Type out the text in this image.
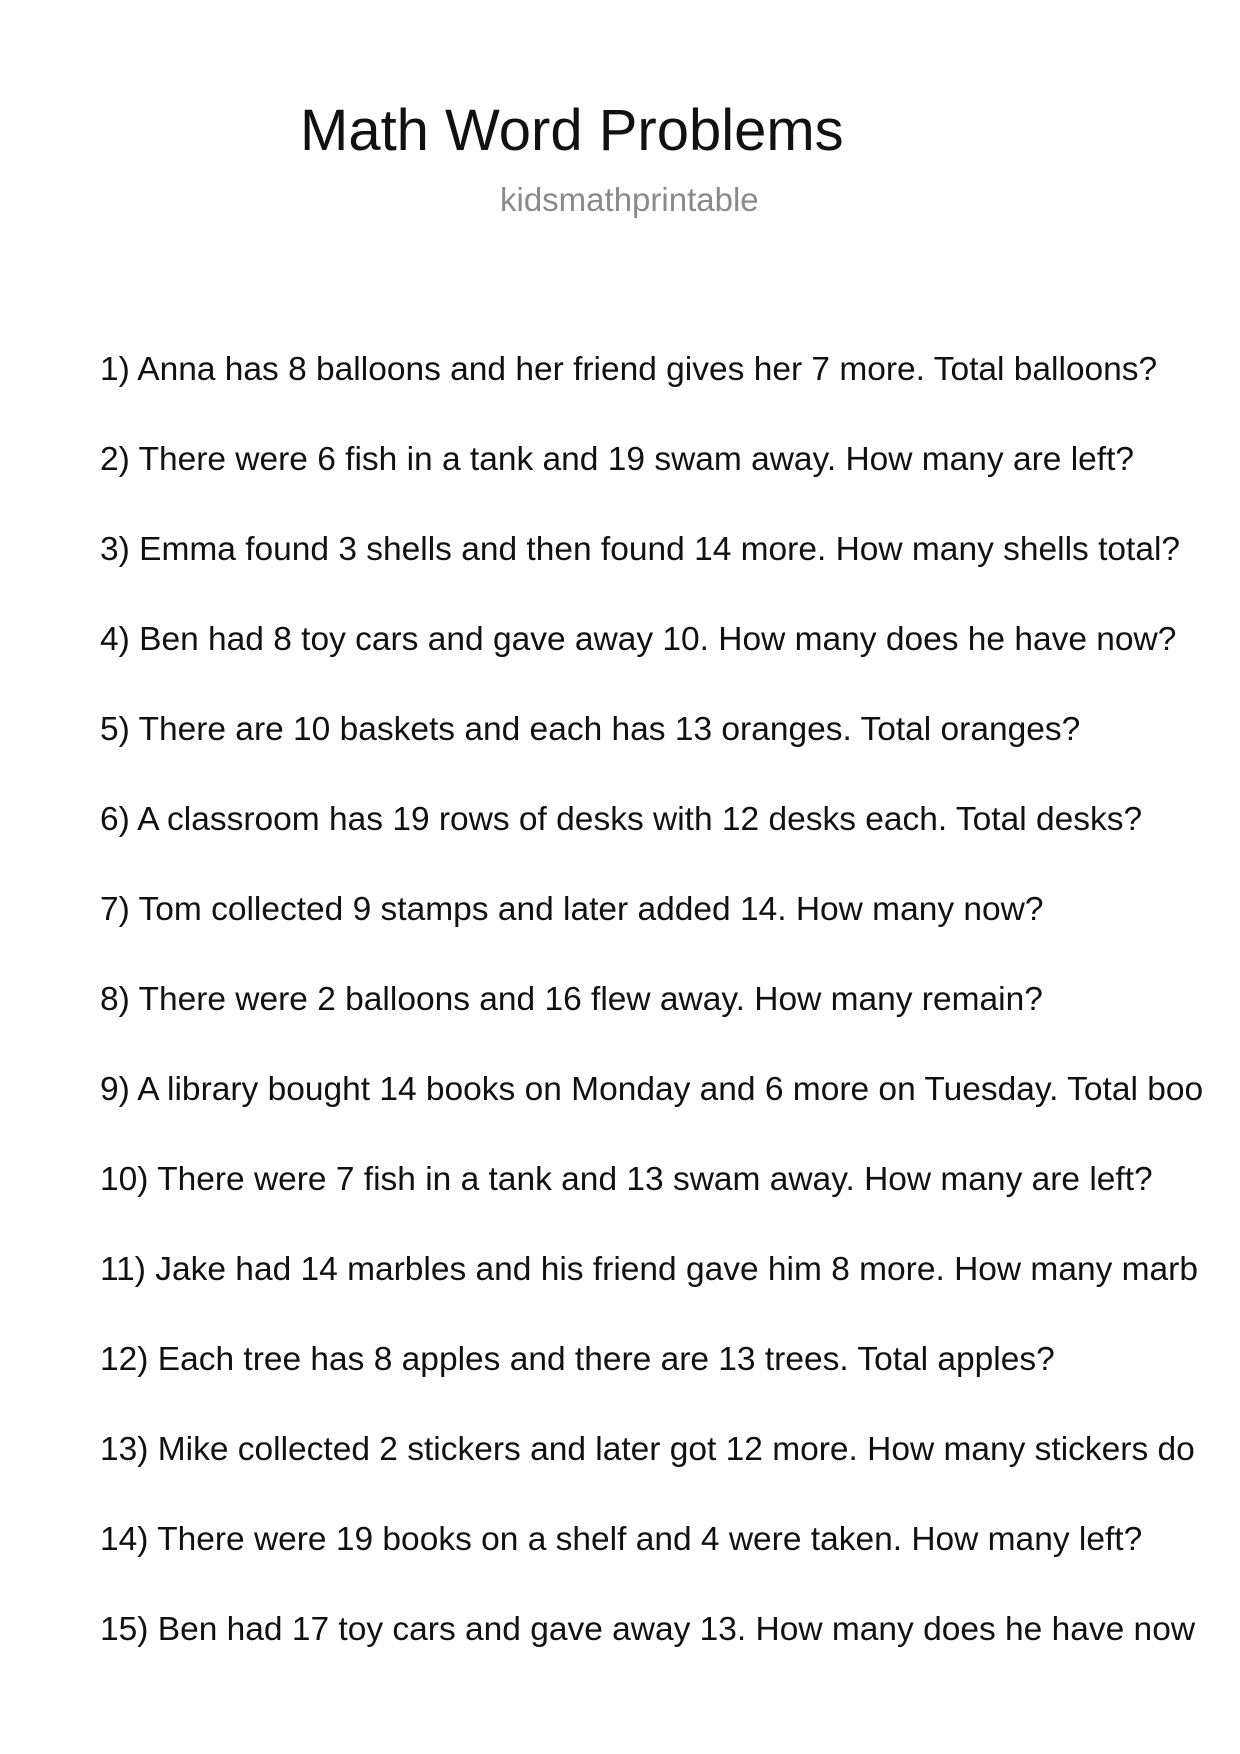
Math Word Problems
kidsmathprintable
1) Anna has 8 balloons and her friend gives her 7 more. Total balloons?
2) There were 6 fish in a tank and 19 swam away. How many are left?
3) Emma found 3 shells and then found 14 more. How many shells total?
4) Ben had 8 toy cars and gave away 10. How many does he have now?
5) There are 10 baskets and each has 13 oranges. Total oranges?
6) A classroom has 19 rows of desks with 12 desks each. Total desks?
7) Tom collected 9 stamps and later added 14. How many now?
8) There were 2 balloons and 16 flew away. How many remain?
9) A library bought 14 books on Monday and 6 more on Tuesday. Total boo
10) There were 7 fish in a tank and 13 swam away. How many are left?
11) Jake had 14 marbles and his friend gave him 8 more. How many marb
12) Each tree has 8 apples and there are 13 trees. Total apples?
13) Mike collected 2 stickers and later got 12 more. How many stickers do
14) There were 19 books on a shelf and 4 were taken. How many left?
15) Ben had 17 toy cars and gave away 13. How many does he have now
